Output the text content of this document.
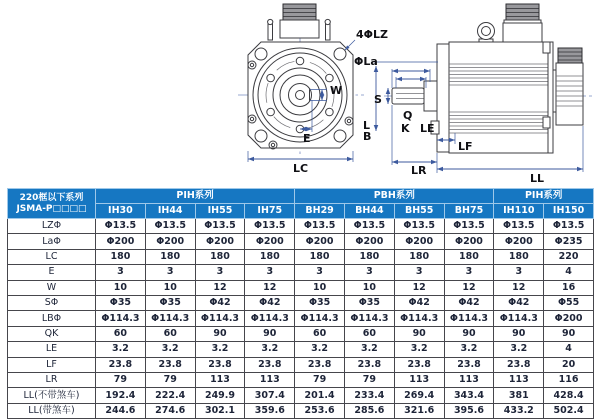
W
E
LC
4ΦLZ
ΦLa
L
B
S
Q
K LE
LF
LR
LL
220框以下系列
JSMA-P□□□□	PIH系列				PBH系列				PIH系列	
	IH30	IH44	IH55	IH75	BH29	BH44	BH55	BH75	IH110	IH150
LZΦ	Φ13.5	Φ13.5	Φ13.5	Φ13.5	Φ13.5	Φ13.5	Φ13.5	Φ13.5	Φ13.5	Φ13.5
LaΦ	Φ200	Φ200	Φ200	Φ200	Φ200	Φ200	Φ200	Φ200	Φ200	Φ235
LC	180	180	180	180	180	180	180	180	180	220
E	3	3	3	3	3	3	3	3	3	4
W	10	10	12	12	10	10	12	12	12	16
SΦ	Φ35	Φ35	Φ42	Φ42	Φ35	Φ35	Φ42	Φ42	Φ42	Φ55
LBΦ	Φ114.3	Φ114.3	Φ114.3	Φ114.3	Φ114.3	Φ114.3	Φ114.3	Φ114.3	Φ114.3	Φ200
QK	60	60	90	90	60	60	90	90	90	90
LE	3.2	3.2	3.2	3.2	3.2	3.2	3.2	3.2	3.2	4
LF	23.8	23.8	23.8	23.8	23.8	23.8	23.8	23.8	23.8	20
LR	79	79	113	113	79	79	113	113	113	116
LL(不带煞车)	192.4	222.4	249.9	307.4	201.4	233.4	269.4	343.4	381	428.4
LL(带煞车)	244.6	274.6	302.1	359.6	253.6	285.6	321.6	395.6	433.2	502.4
